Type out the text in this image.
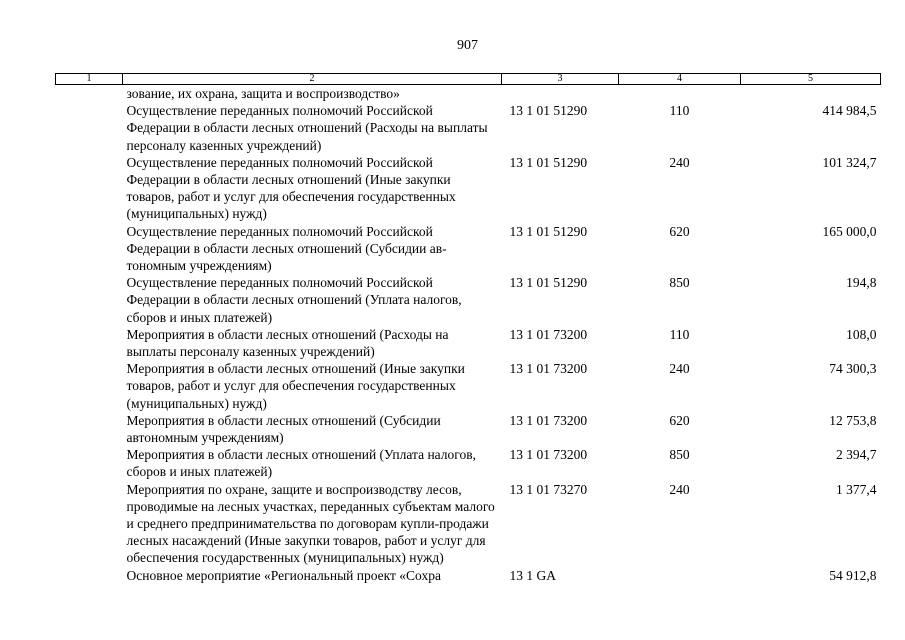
907
1	2	3	4	5
	зование, их охрана, защита и воспроизводство»			
	Осуществление переданных полномочий Российской Федерации в области лесных отношений (Расходы на выплаты персоналу казенных учреждений)	13 1 01 51290	110	414 984,5
	Осуществление переданных полномочий Российской Федерации в области лесных отношений (Иные закупки товаров, работ и услуг для обеспечения государственных (муниципальных) нужд)	13 1 01 51290	240	101 324,7
	Осуществление переданных полномочий Российской Федерации в области лесных отношений (Субсидии автономным учреждениям)	13 1 01 51290	620	165 000,0
	Осуществление переданных полномочий Российской Федерации в области лесных отношений (Уплата налогов, сборов и иных платежей)	13 1 01 51290	850	194,8
	Мероприятия в области лесных отношений (Расходы на выплаты персоналу казенных учреждений)	13 1 01 73200	110	108,0
	Мероприятия в области лесных отношений (Иные закупки товаров, работ и услуг для обеспечения государственных (муниципальных) нужд)	13 1 01 73200	240	74 300,3
	Мероприятия в области лесных отношений (Субсидии автономным учреждениям)	13 1 01 73200	620	12 753,8
	Мероприятия в области лесных отношений (Уплата налогов, сборов и иных платежей)	13 1 01 73200	850	2 394,7
	Мероприятия по охране, защите и воспроизводству лесов, проводимые на лесных участках, переданных субъектам малого и среднего предпринимательства по договорам купли-продажи лесных насаждений (Иные закупки товаров, работ и услуг для обеспечения государственных (муниципальных) нужд)	13 1 01 73270	240	1 377,4
	Основное мероприятие «Региональный проект «Сохра	13 1 GA		54 912,8
